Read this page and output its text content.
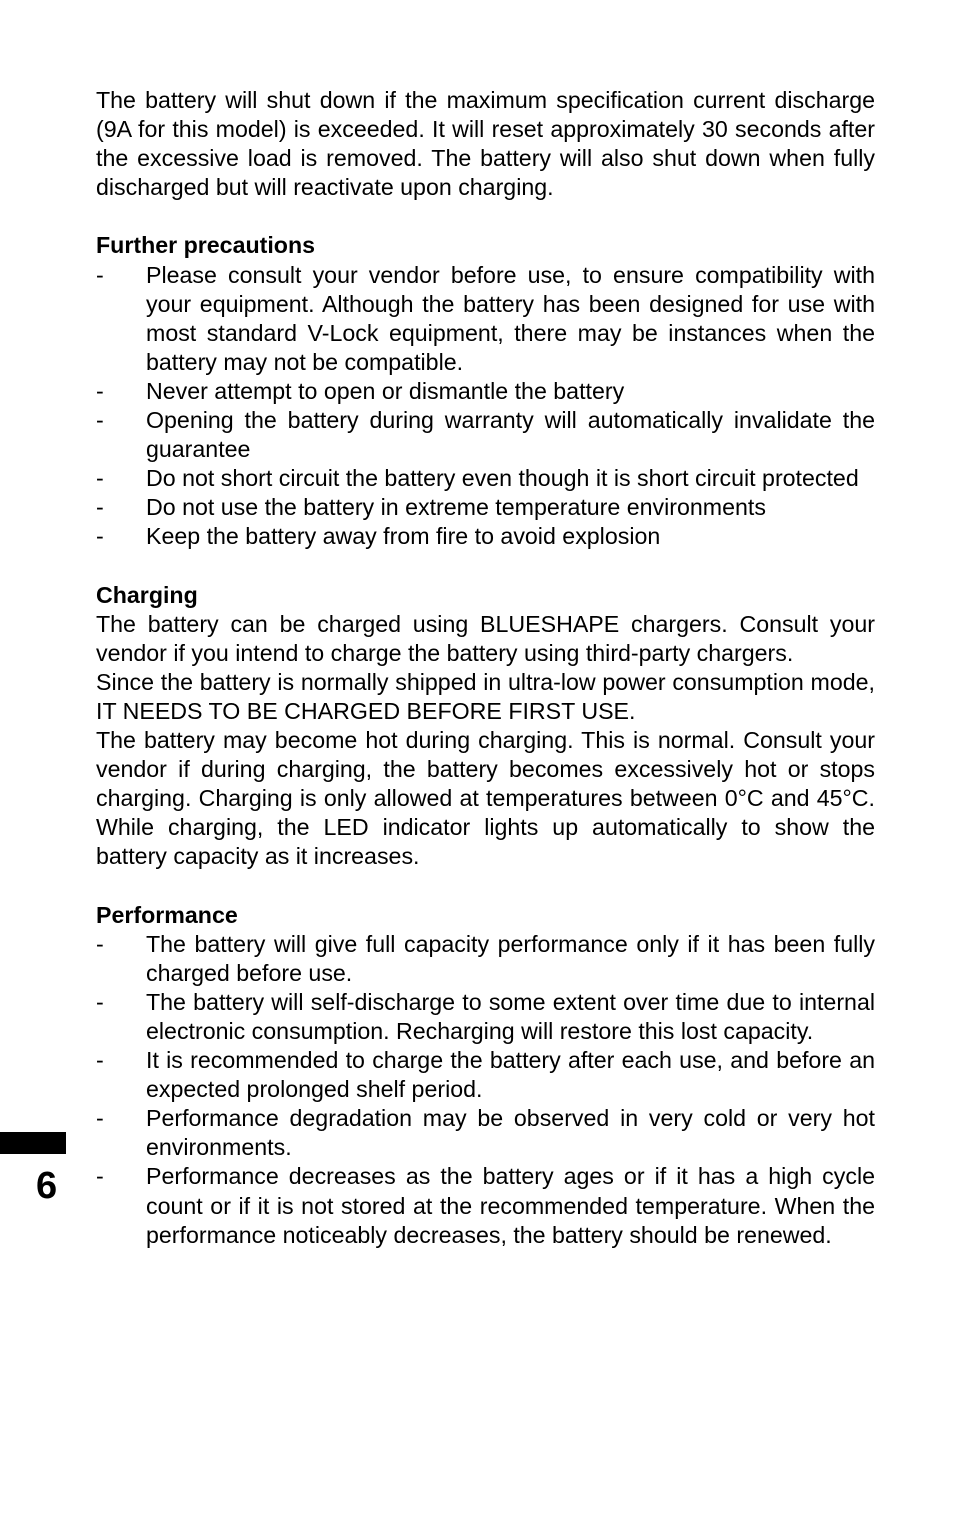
The battery will shut down if the maximum specification current discharge (9A for this model) is exceeded. It will reset approximately 30 seconds after the excessive load is removed. The battery will also shut down when fully discharged but will reactivate upon charging.

Further precautions
- Please consult your vendor before use, to ensure compatibility with your equipment. Although the battery has been designed for use with most standard V-Lock equipment, there may be instances when the battery may not be compatible.
- Never attempt to open or dismantle the battery
- Opening the battery during warranty will automatically invalidate the guarantee
- Do not short circuit the battery even though it is short circuit protected
- Do not use the battery in extreme temperature environments
- Keep the battery away from fire to avoid explosion
Charging

The battery can be charged using BLUESHAPE chargers. Consult your vendor if you intend to charge the battery using third-party chargers.

Since the battery is normally shipped in ultra-low power consumption mode, IT NEEDS TO BE CHARGED BEFORE FIRST USE.

The battery may become hot during charging. This is normal. Consult your vendor if during charging, the battery becomes excessively hot or stops charging. Charging is only allowed at temperatures between 0°C and 45°C. While charging, the LED indicator lights up automatically to show the battery capacity as it increases.

Performance
- The battery will give full capacity performance only if it has been fully charged before use.
- The battery will self-discharge to some extent over time due to internal electronic consumption. Recharging will restore this lost capacity.
- It is recommended to charge the battery after each use, and before an expected prolonged shelf period.
- Performance degradation may be observed in very cold or very hot environments.
- Performance decreases as the battery ages or if it has a high cycle count or if it is not stored at the recommended temperature. When the performance noticeably decreases, the battery should be renewed.
6
